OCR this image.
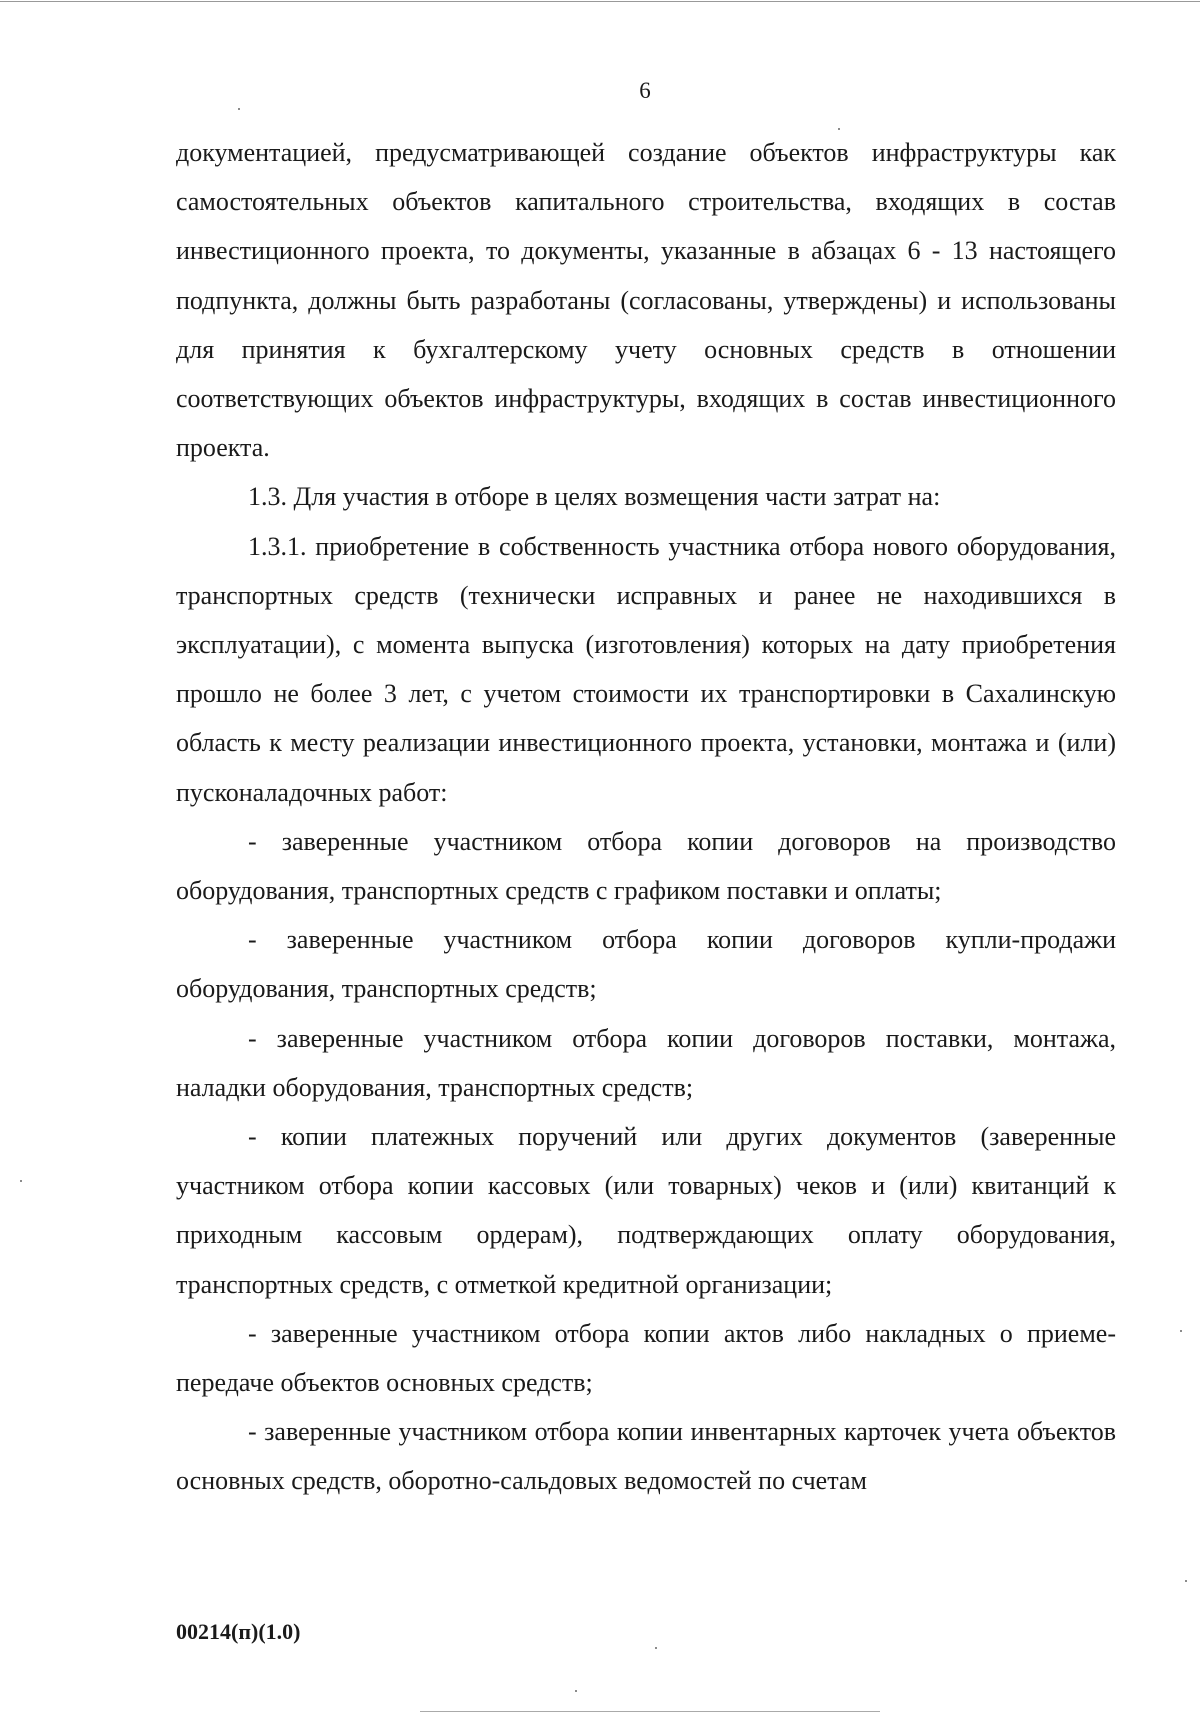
6

документацией, предусматривающей создание объектов инфраструктуры как самостоятельных объектов капитального строительства, входящих в состав инвестиционного проекта, то документы, указанные в абзацах 6 - 13 настоящего подпункта, должны быть разработаны (согласованы, утверждены) и использованы для принятия к бухгалтерскому учету основных средств в отношении соответствующих объектов инфраструктуры, входящих в состав инвестиционного проекта.

1.3. Для участия в отборе в целях возмещения части затрат на:

1.3.1. приобретение в собственность участника отбора нового оборудования, транспортных средств (технически исправных и ранее не находившихся в эксплуатации), с момента выпуска (изготовления) которых на дату приобретения прошло не более 3 лет, с учетом стоимости их транспортировки в Сахалинскую область к месту реализации инвестиционного проекта, установки, монтажа и (или) пусконаладочных работ:

- заверенные участником отбора копии договоров на производство оборудования, транспортных средств с графиком поставки и оплаты;

- заверенные участником отбора копии договоров купли-продажи оборудования, транспортных средств;

- заверенные участником отбора копии договоров поставки, монтажа, наладки оборудования, транспортных средств;

- копии платежных поручений или других документов (заверенные участником отбора копии кассовых (или товарных) чеков и (или) квитанций к приходным кассовым ордерам), подтверждающих оплату оборудования, транспортных средств, с отметкой кредитной организации;

- заверенные участником отбора копии актов либо накладных о приеме-передаче объектов основных средств;

- заверенные участником отбора копии инвентарных карточек учета объектов основных средств, оборотно-сальдовых ведомостей по счетам

00214(п)(1.0)
